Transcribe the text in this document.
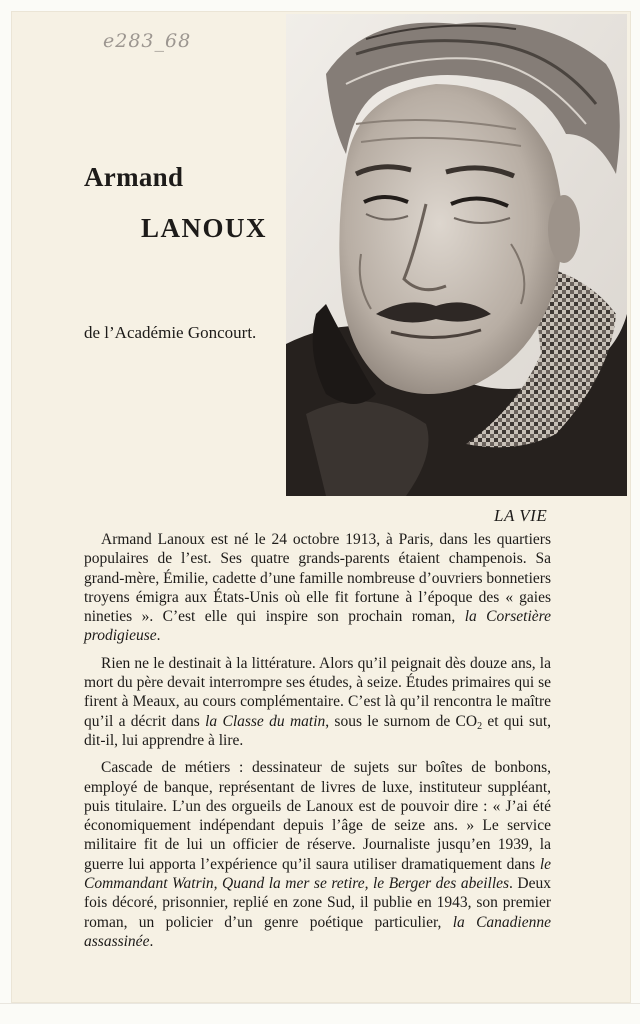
e283_68
Armand
LANOUX
de l’Académie Goncourt.
LA VIE

Armand Lanoux est né le 24 octobre 1913, à Paris, dans les quartiers populaires de l’est. Ses quatre grands-parents étaient champenois. Sa grand-mère, Émilie, cadette d’une famille nombreuse d’ouvriers bonnetiers troyens émigra aux États-Unis où elle fit fortune à l’époque des « gaies nineties ». C’est elle qui inspire son prochain roman, la Corsetière prodigieuse.

Rien ne le destinait à la littérature. Alors qu’il peignait dès douze ans, la mort du père devait interrompre ses études, à seize. Études primaires qui se firent à Meaux, au cours complémentaire. C’est là qu’il rencontra le maître qu’il a décrit dans la Classe du matin, sous le surnom de $CO_2$ et qui sut, dit-il, lui apprendre à lire.

Cascade de métiers : dessinateur de sujets sur boîtes de bonbons, employé de banque, représentant de livres de luxe, instituteur suppléant, puis titulaire. L’un des orgueils de Lanoux est de pouvoir dire : « J’ai été économiquement indépendant depuis l’âge de seize ans. » Le service militaire fit de lui un officier de réserve. Journaliste jusqu’en 1939, la guerre lui apporta l’expérience qu’il saura utiliser dramatiquement dans le Commandant Watrin, Quand la mer se retire, le Berger des abeilles. Deux fois décoré, prisonnier, replié en zone Sud, il publie en 1943, son premier roman, un policier d’un genre poétique particulier, la Canadienne assassinée.
